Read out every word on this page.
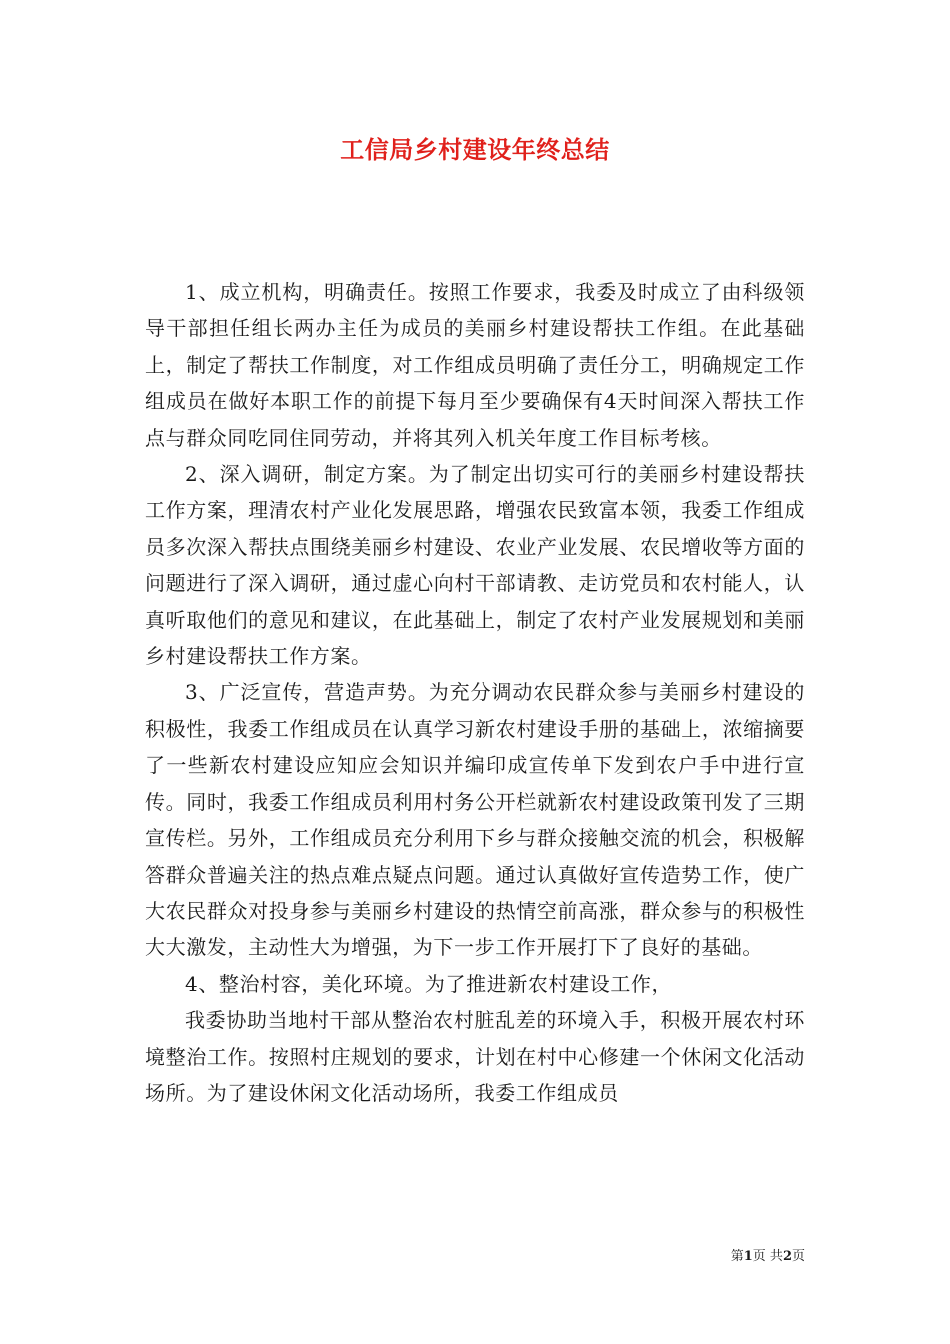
工信局乡村建设年终总结

1、成立机构，明确责任。按照工作要求，我委及时成立了由科级领导干部担任组长两办主任为成员的美丽乡村建设帮扶工作组。在此基础上，制定了帮扶工作制度，对工作组成员明确了责任分工，明确规定工作组成员在做好本职工作的前提下每月至少要确保有4天时间深入帮扶工作点与群众同吃同住同劳动，并将其列入机关年度工作目标考核。

2、深入调研，制定方案。为了制定出切实可行的美丽乡村建设帮扶工作方案，理清农村产业化发展思路，增强农民致富本领，我委工作组成员多次深入帮扶点围绕美丽乡村建设、农业产业发展、农民增收等方面的问题进行了深入调研，通过虚心向村干部请教、走访党员和农村能人，认真听取他们的意见和建议，在此基础上，制定了农村产业发展规划和美丽乡村建设帮扶工作方案。

3、广泛宣传，营造声势。为充分调动农民群众参与美丽乡村建设的积极性，我委工作组成员在认真学习新农村建设手册的基础上，浓缩摘要了一些新农村建设应知应会知识并编印成宣传单下发到农户手中进行宣传。同时，我委工作组成员利用村务公开栏就新农村建设政策刊发了三期宣传栏。另外，工作组成员充分利用下乡与群众接触交流的机会，积极解答群众普遍关注的热点难点疑点问题。通过认真做好宣传造势工作，使广大农民群众对投身参与美丽乡村建设的热情空前高涨，群众参与的积极性大大激发，主动性大为增强，为下一步工作开展打下了良好的基础。

4、整治村容，美化环境。为了推进新农村建设工作，

我委协助当地村干部从整治农村脏乱差的环境入手，积极开展农村环境整治工作。按照村庄规划的要求，计划在村中心修建一个休闲文化活动场所。为了建设休闲文化活动场所，我委工作组成员

第1页 共2页
